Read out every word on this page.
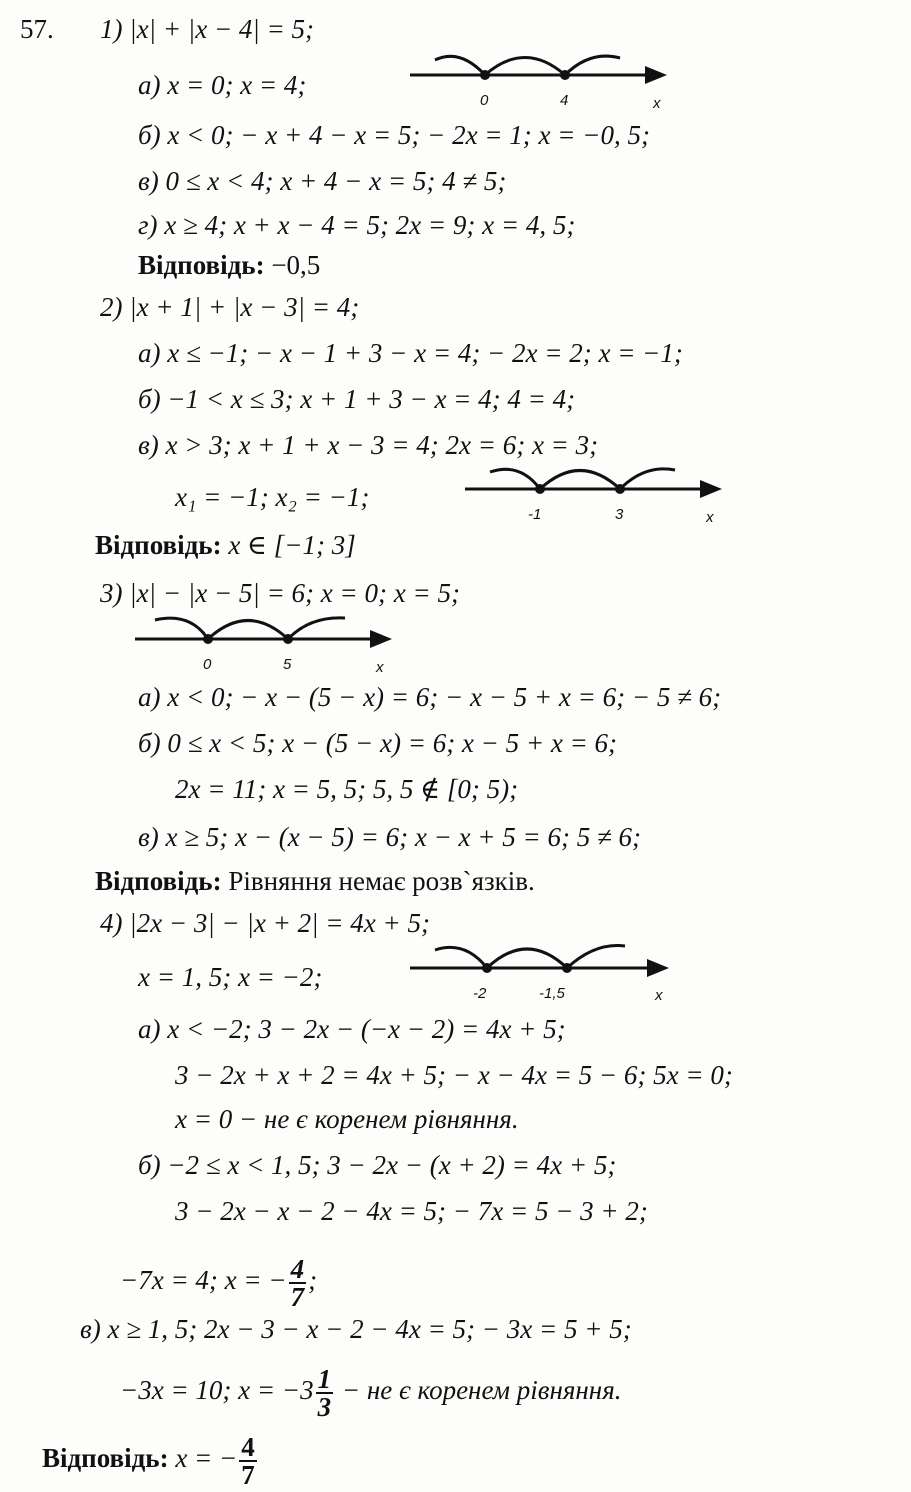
57. 1) |x| + |x − 4| = 5;
а) x = 0; x = 4;
0	4	x
б) x < 0; − x + 4 − x = 5; − 2x = 1; x = −0, 5;
в) 0 ≤ x < 4; x + 4 − x = 5; 4 ≠ 5;
г) x ≥ 4; x + x − 4 = 5; 2x = 9; x = 4, 5;
Відповідь: −0,5
2) |x + 1| + |x − 3| = 4;
а) x ≤ −1; − x − 1 + 3 − x = 4; − 2x = 2; x = −1;
б) −1 < x ≤ 3; x + 1 + 3 − x = 4; 4 = 4;
в) x > 3; x + 1 + x − 3 = 4; 2x = 6; x = 3;
x₁ = −1; x₂ = −1;
-1	3	x
Відповідь: x ∈ [−1; 3]
3) |x| − |x − 5| = 6; x = 0; x = 5;
0	5	x
а) x < 0; − x − (5 − x) = 6; − x − 5 + x = 6; − 5 ≠ 6;
б) 0 ≤ x < 5; x − (5 − x) = 6; x − 5 + x = 6;
2x = 11; x = 5, 5; 5, 5 ∉ [0; 5);
в) x ≥ 5; x − (x − 5) = 6; x − x + 5 = 6; 5 ≠ 6;
Відповідь: Рівняння немає розв`язків.
4) |2x − 3| − |x + 2| = 4x + 5;
x = 1, 5; x = −2;
-2	-1,5	x
а) x < −2; 3 − 2x − (−x − 2) = 4x + 5;
3 − 2x + x + 2 = 4x + 5; − x − 4x = 5 − 6; 5x = 0;
x = 0 − не є коренем рівняння.
б) −2 ≤ x < 1, 5; 3 − 2x − (x + 2) = 4x + 5;
3 − 2x − x − 2 − 4x = 5; − 7x = 5 − 3 + 2;
−7x = 4; x = − $\frac{4}{7}$ ;
в) x ≥ 1, 5; 2x − 3 − x − 2 − 4x = 5; − 3x = 5 + 5;
−3x = 10; $x = -3 \frac{1}{3}$ − не є коренем рівняння.
Відповідь: x = − $\frac{4}{7}$
